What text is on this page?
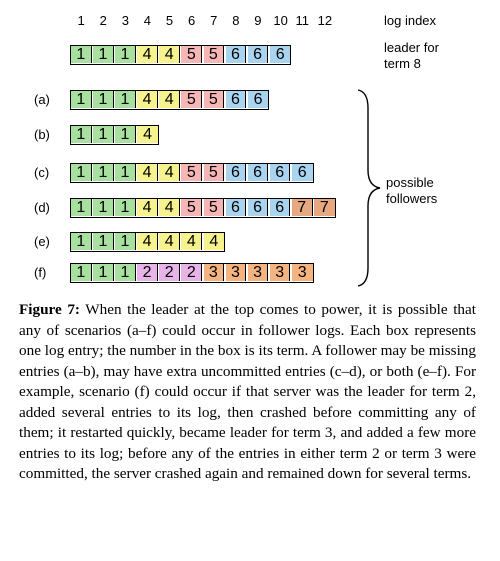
1 2 3 4 5 6 7 8 9 10 11 12	log index
leader for
term 8
1 1 1 4 4 5 5 6 6 6
(a)	1 1 1 4 4 5 5 6 6
(b)	1 1 1 4
(c)	1 1 1 4 4 5 5 6 6 6 6
(d)	1 1 1 4 4 5 5 6 6 6 7 7
(e)	1 1 1 4 4 4 4
(f)	1 1 1 2 2 2 3 3 3 3 3
possible
followers
Figure 7: When the leader at the top comes to power, it is possible that any of scenarios (a–f) could occur in follower logs. Each box represents one log entry; the number in the box is its term. A follower may be missing entries (a–b), may have extra uncommitted entries (c–d), or both (e–f). For example, scenario (f) could occur if that server was the leader for term 2, added several entries to its log, then crashed before committing any of them; it restarted quickly, became leader for term 3, and added a few more entries to its log; before any of the entries in either term 2 or term 3 were committed, the server crashed again and remained down for several terms.
